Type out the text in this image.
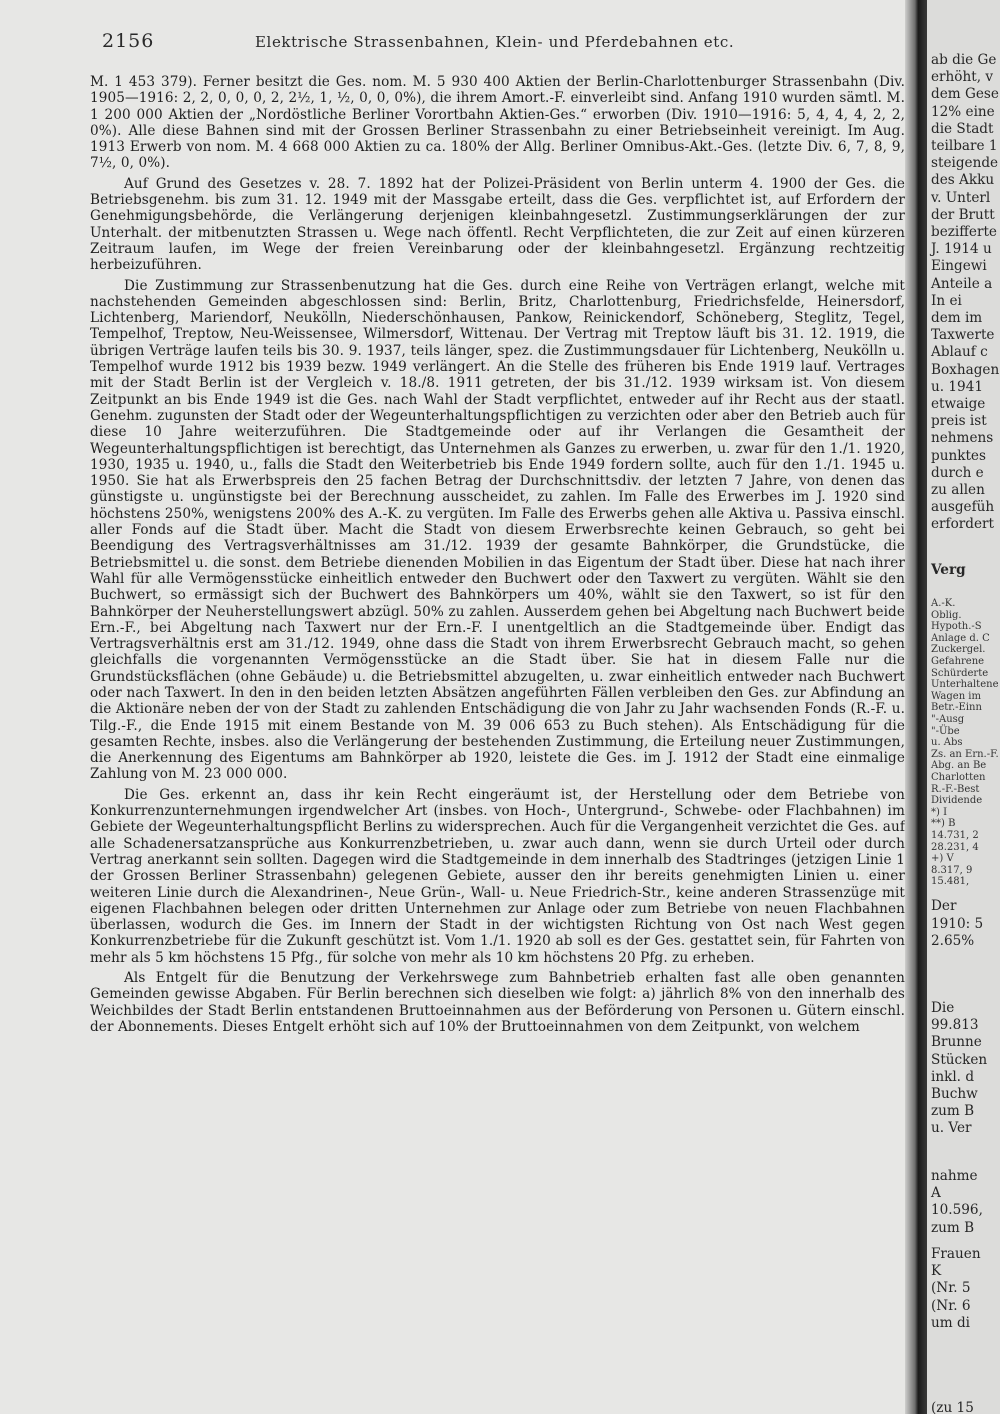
2156	Elektrische Strassenbahnen, Klein- und Pferdebahnen etc.

M. 1 453 379). Ferner besitzt die Ges. nom. M. 5 930 400 Aktien der Berlin-Charlottenburger Strassenbahn (Div. 1905—1916: 2, 2, 0, 0, 0, 2, 2½, 1, ½, 0, 0, 0%), die ihrem Amort.-F. einverleibt sind. Anfang 1910 wurden sämtl. M. 1 200 000 Aktien der „Nordöstliche Berliner Vorortbahn Aktien-Ges.“ erworben (Div. 1910—1916: 5, 4, 4, 4, 2, 2, 0%). Alle diese Bahnen sind mit der Grossen Berliner Strassenbahn zu einer Betriebseinheit vereinigt. Im Aug. 1913 Erwerb von nom. M. 4 668 000 Aktien zu ca. 180% der Allg. Berliner Omnibus-Akt.-Ges. (letzte Div. 6, 7, 8, 9, 7½, 0, 0%).

Auf Grund des Gesetzes v. 28. 7. 1892 hat der Polizei-Präsident von Berlin unterm 4. 1900 der Ges. die Betriebsgenehm. bis zum 31. 12. 1949 mit der Massgabe erteilt, dass die Ges. verpflichtet ist, auf Erfordern der Genehmigungsbehörde, die Verlängerung derjenigen kleinbahngesetzl. Zustimmungserklärungen der zur Unterhalt. der mitbenutzten Strassen u. Wege nach öffentl. Recht Verpflichteten, die zur Zeit auf einen kürzeren Zeitraum laufen, im Wege der freien Vereinbarung oder der kleinbahngesetzl. Ergänzung rechtzeitig herbeizuführen.

Die Zustimmung zur Strassenbenutzung hat die Ges. durch eine Reihe von Verträgen erlangt, welche mit nachstehenden Gemeinden abgeschlossen sind: Berlin, Britz, Charlottenburg, Friedrichsfelde, Heinersdorf, Lichtenberg, Mariendorf, Neukölln, Niederschönhausen, Pankow, Reinickendorf, Schöneberg, Steglitz, Tegel, Tempelhof, Treptow, Neu-Weissensee, Wilmersdorf, Wittenau. Der Vertrag mit Treptow läuft bis 31. 12. 1919, die übrigen Verträge laufen teils bis 30. 9. 1937, teils länger, spez. die Zustimmungsdauer für Lichtenberg, Neukölln u. Tempelhof wurde 1912 bis 1939 bezw. 1949 verlängert. An die Stelle des früheren bis Ende 1919 lauf. Vertrages mit der Stadt Berlin ist der Vergleich v. 18./8. 1911 getreten, der bis 31./12. 1939 wirksam ist. Von diesem Zeitpunkt an bis Ende 1949 ist die Ges. nach Wahl der Stadt verpflichtet, entweder auf ihr Recht aus der staatl. Genehm. zugunsten der Stadt oder der Wegeunterhaltungspflichtigen zu verzichten oder aber den Betrieb auch für diese 10 Jahre weiterzuführen. Die Stadtgemeinde oder auf ihr Verlangen die Gesamtheit der Wegeunterhaltungspflichtigen ist berechtigt, das Unternehmen als Ganzes zu erwerben, u. zwar für den 1./1. 1920, 1930, 1935 u. 1940, u., falls die Stadt den Weiterbetrieb bis Ende 1949 fordern sollte, auch für den 1./1. 1945 u. 1950. Sie hat als Erwerbspreis den 25 fachen Betrag der Durchschnittsdiv. der letzten 7 Jahre, von denen das günstigste u. ungünstigste bei der Berechnung ausscheidet, zu zahlen. Im Falle des Erwerbes im J. 1920 sind höchstens 250%, wenigstens 200% des A.-K. zu vergüten. Im Falle des Erwerbs gehen alle Aktiva u. Passiva einschl. aller Fonds auf die Stadt über. Macht die Stadt von diesem Erwerbsrechte keinen Gebrauch, so geht bei Beendigung des Vertragsverhältnisses am 31./12. 1939 der gesamte Bahnkörper, die Grundstücke, die Betriebsmittel u. die sonst. dem Betriebe dienenden Mobilien in das Eigentum der Stadt über. Diese hat nach ihrer Wahl für alle Vermögensstücke einheitlich entweder den Buchwert oder den Taxwert zu vergüten. Wählt sie den Buchwert, so ermässigt sich der Buchwert des Bahnkörpers um 40%, wählt sie den Taxwert, so ist für den Bahnkörper der Neuherstellungswert abzügl. 50% zu zahlen. Ausserdem gehen bei Abgeltung nach Buchwert beide Ern.-F., bei Abgeltung nach Taxwert nur der Ern.-F. I unentgeltlich an die Stadtgemeinde über. Endigt das Vertragsverhältnis erst am 31./12. 1949, ohne dass die Stadt von ihrem Erwerbsrecht Gebrauch macht, so gehen gleichfalls die vorgenannten Vermögensstücke an die Stadt über. Sie hat in diesem Falle nur die Grundstücksflächen (ohne Gebäude) u. die Betriebsmittel abzugelten, u. zwar einheitlich entweder nach Buchwert oder nach Taxwert. In den in den beiden letzten Absätzen angeführten Fällen verbleiben den Ges. zur Abfindung an die Aktionäre neben der von der Stadt zu zahlenden Entschädigung die von Jahr zu Jahr wachsenden Fonds (R.-F. u. Tilg.-F., die Ende 1915 mit einem Bestande von M. 39 006 653 zu Buch stehen). Als Entschädigung für die gesamten Rechte, insbes. also die Verlängerung der bestehenden Zustimmung, die Erteilung neuer Zustimmungen, die Anerkennung des Eigentums am Bahnkörper ab 1920, leistete die Ges. im J. 1912 der Stadt eine einmalige Zahlung von M. 23 000 000.

Die Ges. erkennt an, dass ihr kein Recht eingeräumt ist, der Herstellung oder dem Betriebe von Konkurrenzunternehmungen irgendwelcher Art (insbes. von Hoch-, Untergrund-, Schwebe- oder Flachbahnen) im Gebiete der Wegeunterhaltungspflicht Berlins zu widersprechen. Auch für die Vergangenheit verzichtet die Ges. auf alle Schadenersatzansprüche aus Konkurrenzbetrieben, u. zwar auch dann, wenn sie durch Urteil oder durch Vertrag anerkannt sein sollten. Dagegen wird die Stadtgemeinde in dem innerhalb des Stadtringes (jetzigen Linie 1 der Grossen Berliner Strassenbahn) gelegenen Gebiete, ausser den ihr bereits genehmigten Linien u. einer weiteren Linie durch die Alexandrinen-, Neue Grün-, Wall- u. Neue Friedrich-Str., keine anderen Strassenzüge mit eigenen Flachbahnen belegen oder dritten Unternehmen zur Anlage oder zum Betriebe von neuen Flachbahnen überlassen, wodurch die Ges. im Innern der Stadt in der wichtigsten Richtung von Ost nach West gegen Konkurrenzbetriebe für die Zukunft geschützt ist. Vom 1./1. 1920 ab soll es der Ges. gestattet sein, für Fahrten von mehr als 5 km höchstens 15 Pfg., für solche von mehr als 10 km höchstens 20 Pfg. zu erheben.

Als Entgelt für die Benutzung der Verkehrswege zum Bahnbetrieb erhalten fast alle oben genannten Gemeinden gewisse Abgaben. Für Berlin berechnen sich dieselben wie folgt: a) jährlich 8% von den innerhalb des Weichbildes der Stadt Berlin entstandenen Bruttoeinnahmen aus der Beförderung von Personen u. Gütern einschl. der Abonnements. Dieses Entgelt erhöht sich auf 10% der Bruttoeinnahmen von dem Zeitpunkt, von welchem

ab die Ge
erhöht, v
dem Gese
12% eine
die Stadt
teilbare 1
steigende
des Akku
v. Unterl
der Brutt
bezifferte
J. 1914 u
Eingewi
Anteile a
In ei
dem im
Taxwerte
Ablauf c
Boxhagen
u. 1941
etwaige
preis ist
nehmens
punktes
durch e
zu allen
ausgefüh
erfordert
Verg
A.-K.
Oblig.
Hypoth.-S
Anlage d. C
Zuckergel.
Gefahrene
Schürderte
Unterhaltene
Wagen im
Betr.-Einn
"-Ausg
"-Übe
u. Abs
Zs. an Ern.-F.
Abg. an Be
Charlotten
R.-F.-Best
Dividende
*) I
**) B
14.731, 2
28.231, 4
+) V
8.317, 9
15.481,
Der
1910: 5
2.65%
Die
99.813
Brunne
Stücken
inkl. d
Buchw
zum B
u. Ver
nahme
A
10.596,
zum B
Frauen
K
(Nr. 5
(Nr. 6
um di
(zu 15
